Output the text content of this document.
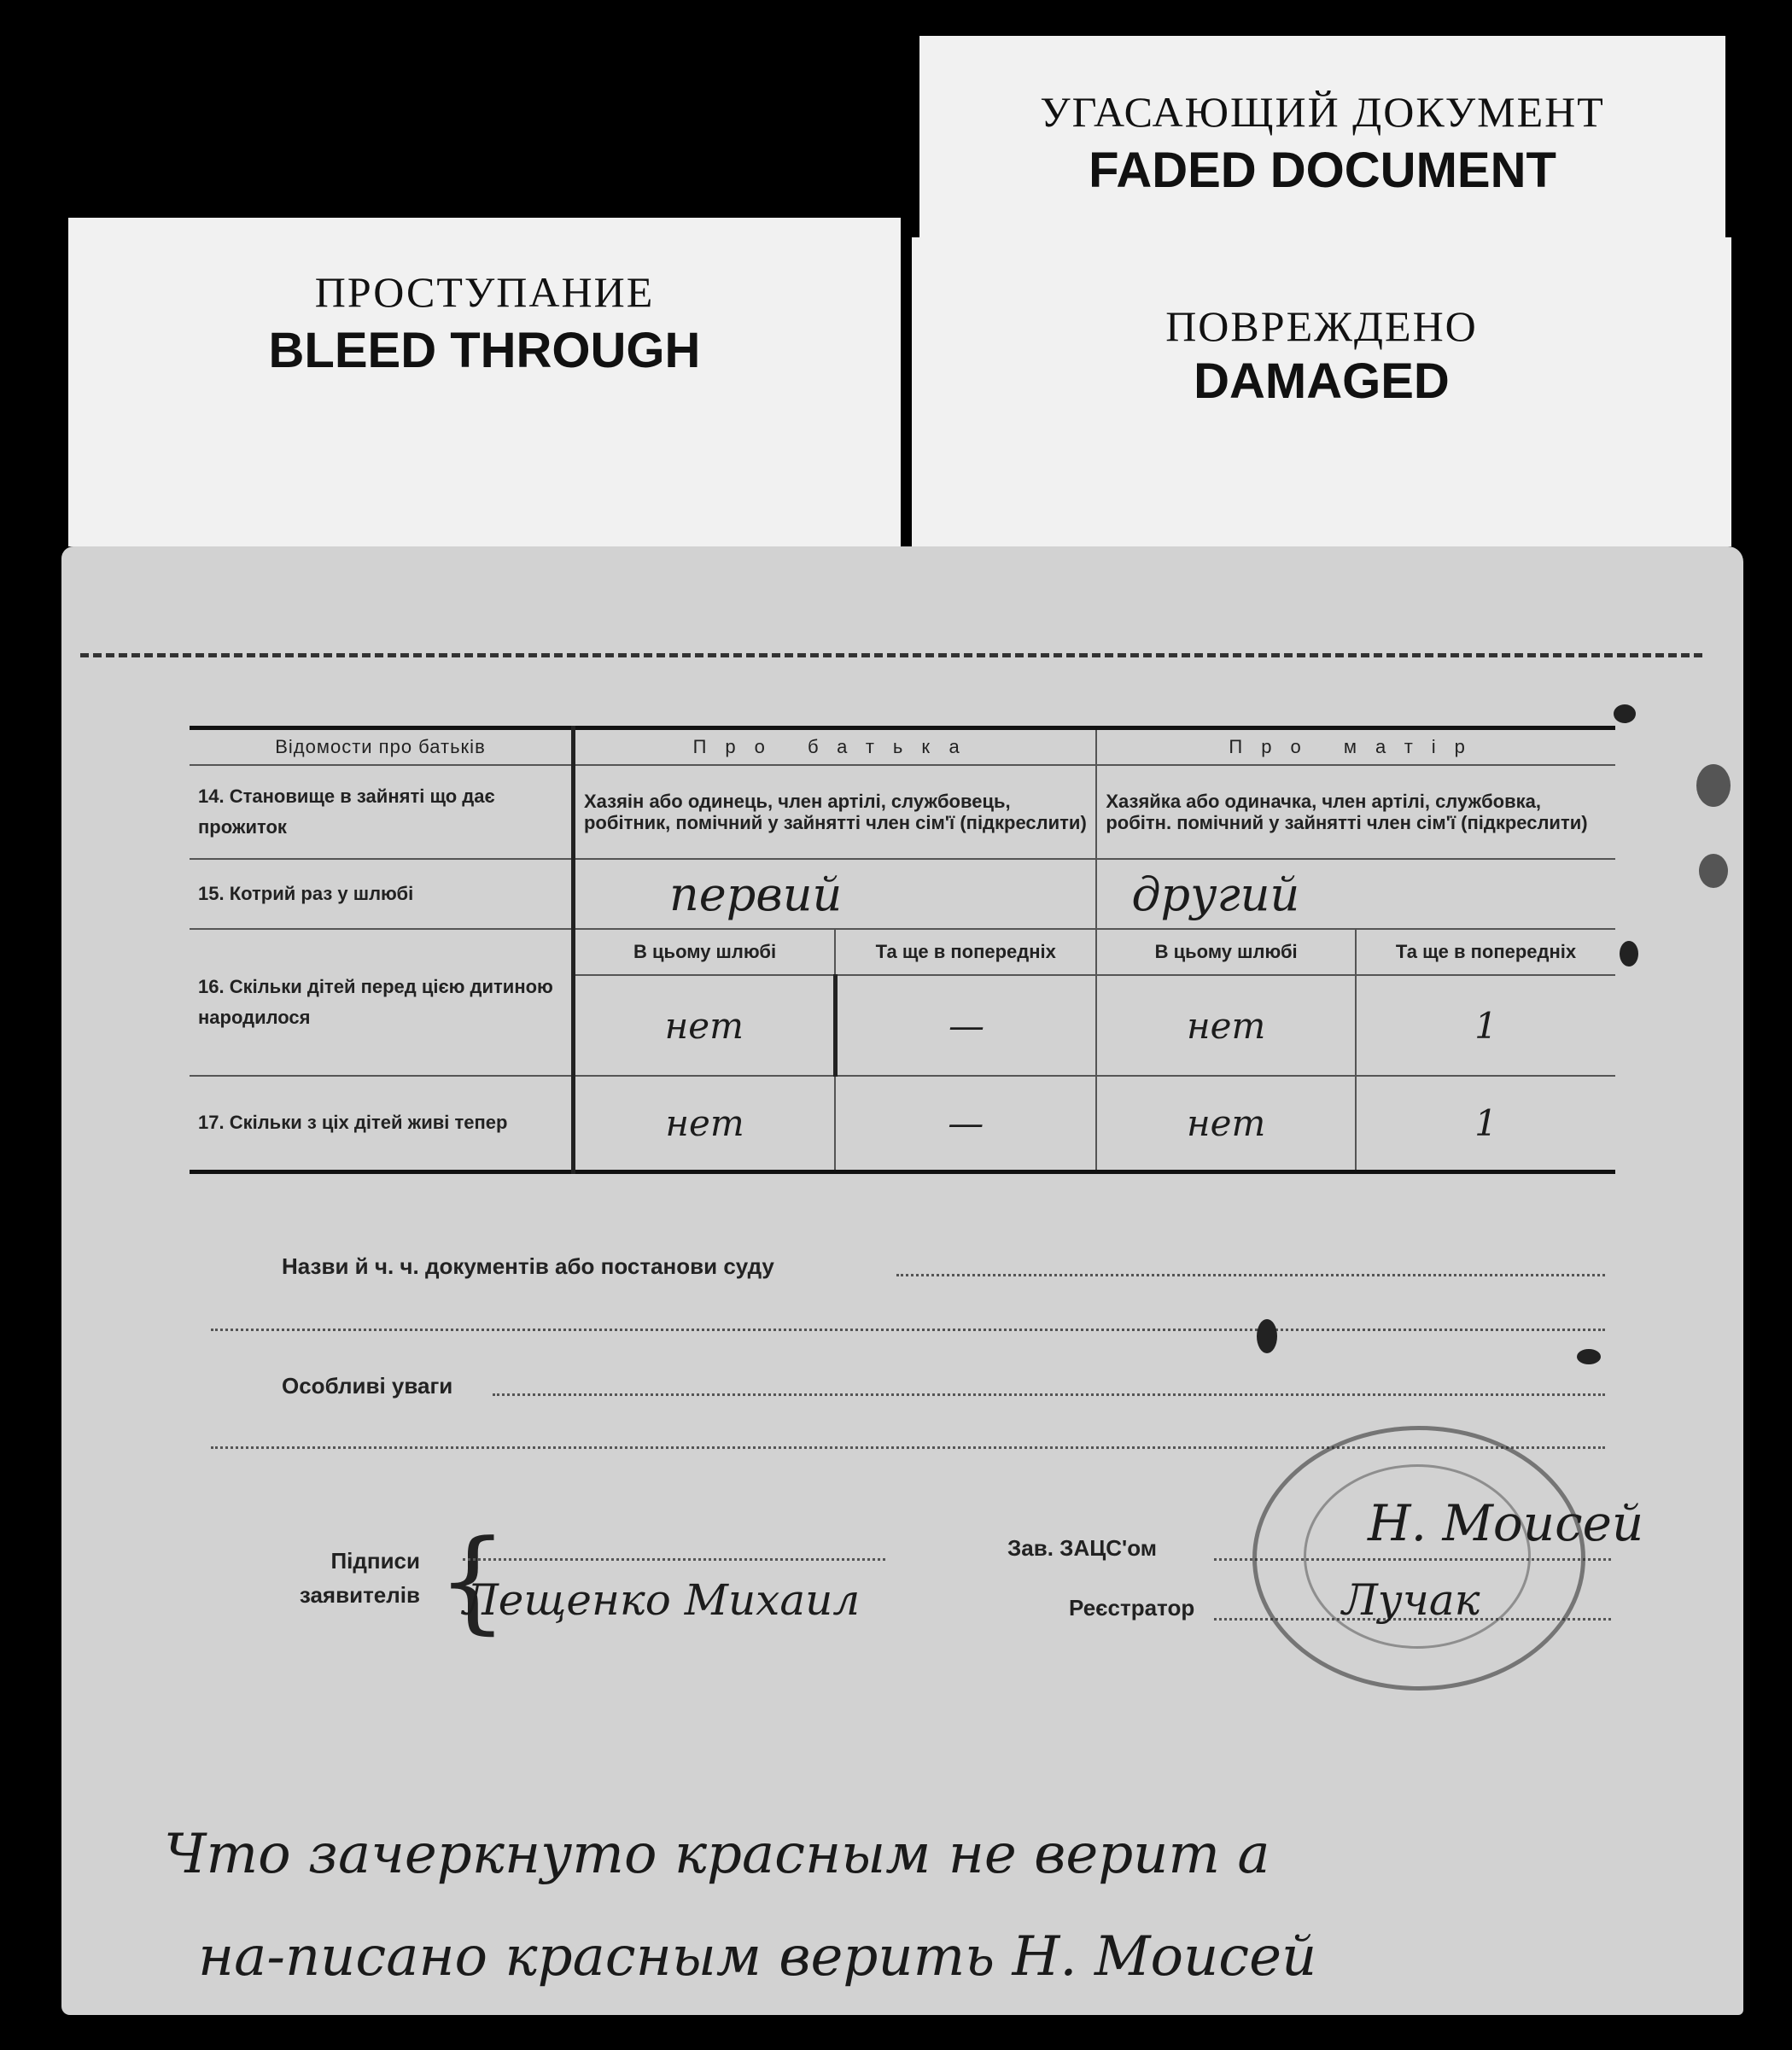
ПРОСТУПАНИЕ
BLEED THROUGH
УГАСАЮЩИЙ ДОКУМЕНТ
FADED DOCUMENT
ПОВРЕЖДЕНО
DAMAGED
Відомости про батьків	Про батька		Про матір	
14. Становище в зайняті що дає прожиток	Хазяін або одинець, член артілі, службовець, робітник, помічний у зайнятті член сім'ї (підкреслити)		Хазяйка або одиначка, член артілі, службовка, робітн. помічний у зайнятті член сім'ї (підкреслити)	
15. Котрий раз у шлюбі	первий		другий	
16. Скільки дітей перед цією дитиною народилося	В цьому шлюбі	Та ще в попередніх	В цьому шлюбі	Та ще в попередніх
	нет	—	нет	1
17. Скільки з ціх дітей живі тепер	нет	—	нет	1
Назви й ч. ч. документів або постанови суду
Особливі уваги
Підписи
заявителів {
Лещенко Михаил
Зав. ЗАЦС'ом	Н. Моисей
Реєстратор	Лучак
Что зачеркнуто красным не верит а
на-писано красным верить Н. Моисей
